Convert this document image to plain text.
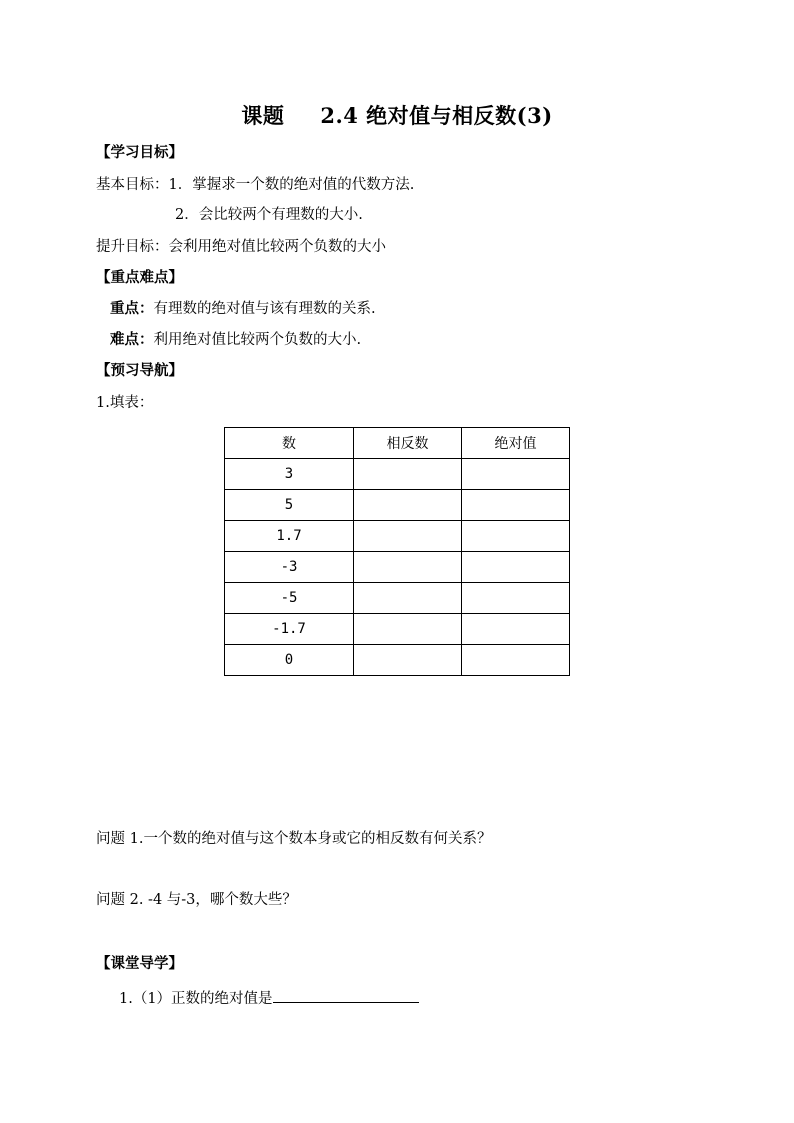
课题 2.4 绝对值与相反数(3)
【学习目标】
基本目标：1．掌握求一个数的绝对值的代数方法.
2．会比较两个有理数的大小.
提升目标：会利用绝对值比较两个负数的大小
【重点难点】
重点：有理数的绝对值与该有理数的关系.
难点：利用绝对值比较两个负数的大小.
【预习导航】
1.填表：
数	相反数	绝对值
3		
5		
1.7		
-3		
-5		
-1.7		
0		
问题 1.一个数的绝对值与这个数本身或它的相反数有何关系？
问题 2. -4 与-3，哪个数大些？
【课堂导学】
1.（1）正数的绝对值是
